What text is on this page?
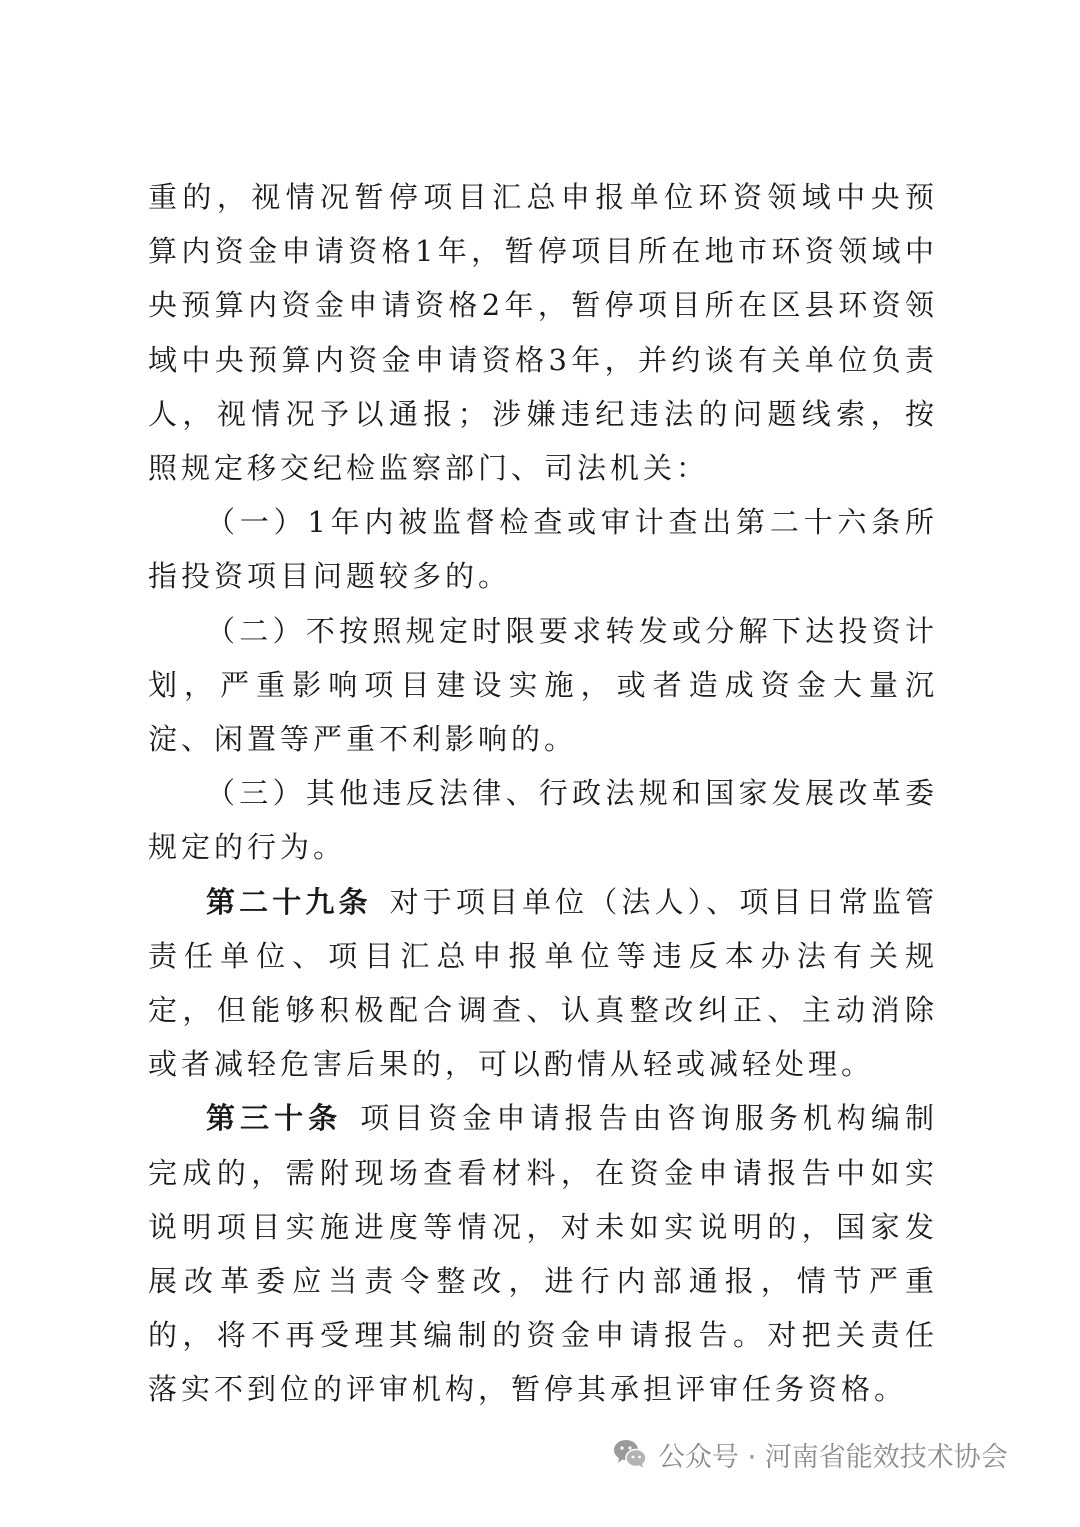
重的，视情况暂停项目汇总申报单位环资领域中央预算内资金申请资格1年，暂停项目所在地市环资领域中央预算内资金申请资格2年，暂停项目所在区县环资领域中央预算内资金申请资格3年，并约谈有关单位负责人，视情况予以通报；涉嫌违纪违法的问题线索，按照规定移交纪检监察部门、司法机关：

（一）1年内被监督检查或审计查出第二十六条所指投资项目问题较多的。

（二）不按照规定时限要求转发或分解下达投资计划，严重影响项目建设实施，或者造成资金大量沉淀、闲置等严重不利影响的。

（三）其他违反法律、行政法规和国家发展改革委规定的行为。

第二十九条 对于项目单位（法人）、项目日常监管责任单位、项目汇总申报单位等违反本办法有关规定，但能够积极配合调查、认真整改纠正、主动消除或者减轻危害后果的，可以酌情从轻或减轻处理。

第三十条 项目资金申请报告由咨询服务机构编制完成的，需附现场查看材料，在资金申请报告中如实说明项目实施进度等情况，对未如实说明的，国家发展改革委应当责令整改，进行内部通报，情节严重的，将不再受理其编制的资金申请报告。对把关责任落实不到位的评审机构，暂停其承担评审任务资格。

公众号 · 河南省能效技术协会
